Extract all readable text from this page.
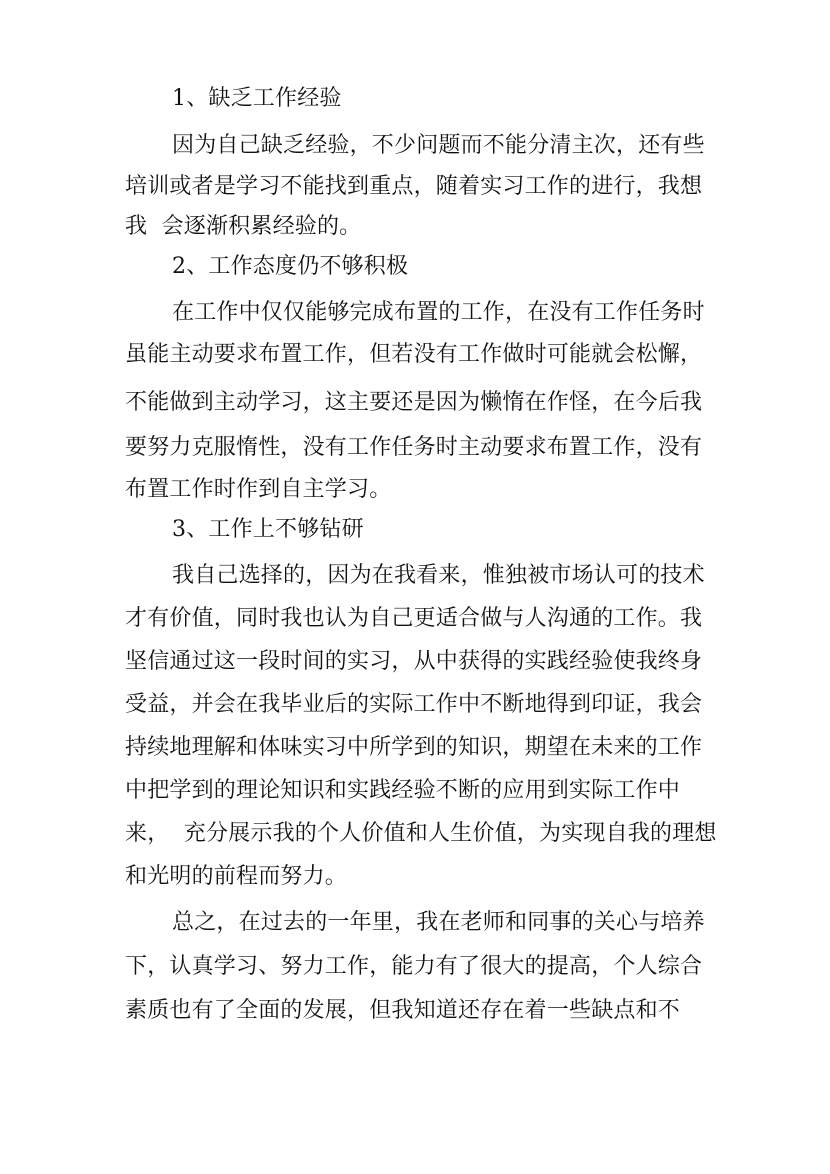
1、缺乏工作经验
因为自己缺乏经验，不少问题而不能分清主次，还有些
培训或者是学习不能找到重点，随着实习工作的进行，我想
我  会逐渐积累经验的。
2、工作态度仍不够积极
在工作中仅仅能够完成布置的工作，在没有工作任务时
虽能主动要求布置工作，但若没有工作做时可能就会松懈，
不能做到主动学习，这主要还是因为懒惰在作怪，在今后我
要努力克服惰性，没有工作任务时主动要求布置工作，没有
布置工作时作到自主学习。
3、工作上不够钻研
我自己选择的，因为在我看来，惟独被市场认可的技术
才有价值，同时我也认为自己更适合做与人沟通的工作。我
坚信通过这一段时间的实习，从中获得的实践经验使我终身
受益，并会在我毕业后的实际工作中不断地得到印证，我会
持续地理解和体味实习中所学到的知识，期望在未来的工作
中把学到的理论知识和实践经验不断的应用到实际工作中
来，  充分展示我的个人价值和人生价值，为实现自我的理想
和光明的前程而努力。
总之，在过去的一年里，我在老师和同事的关心与培养
下，认真学习、努力工作，能力有了很大的提高，个人综合
素质也有了全面的发展，但我知道还存在着一些缺点和不
